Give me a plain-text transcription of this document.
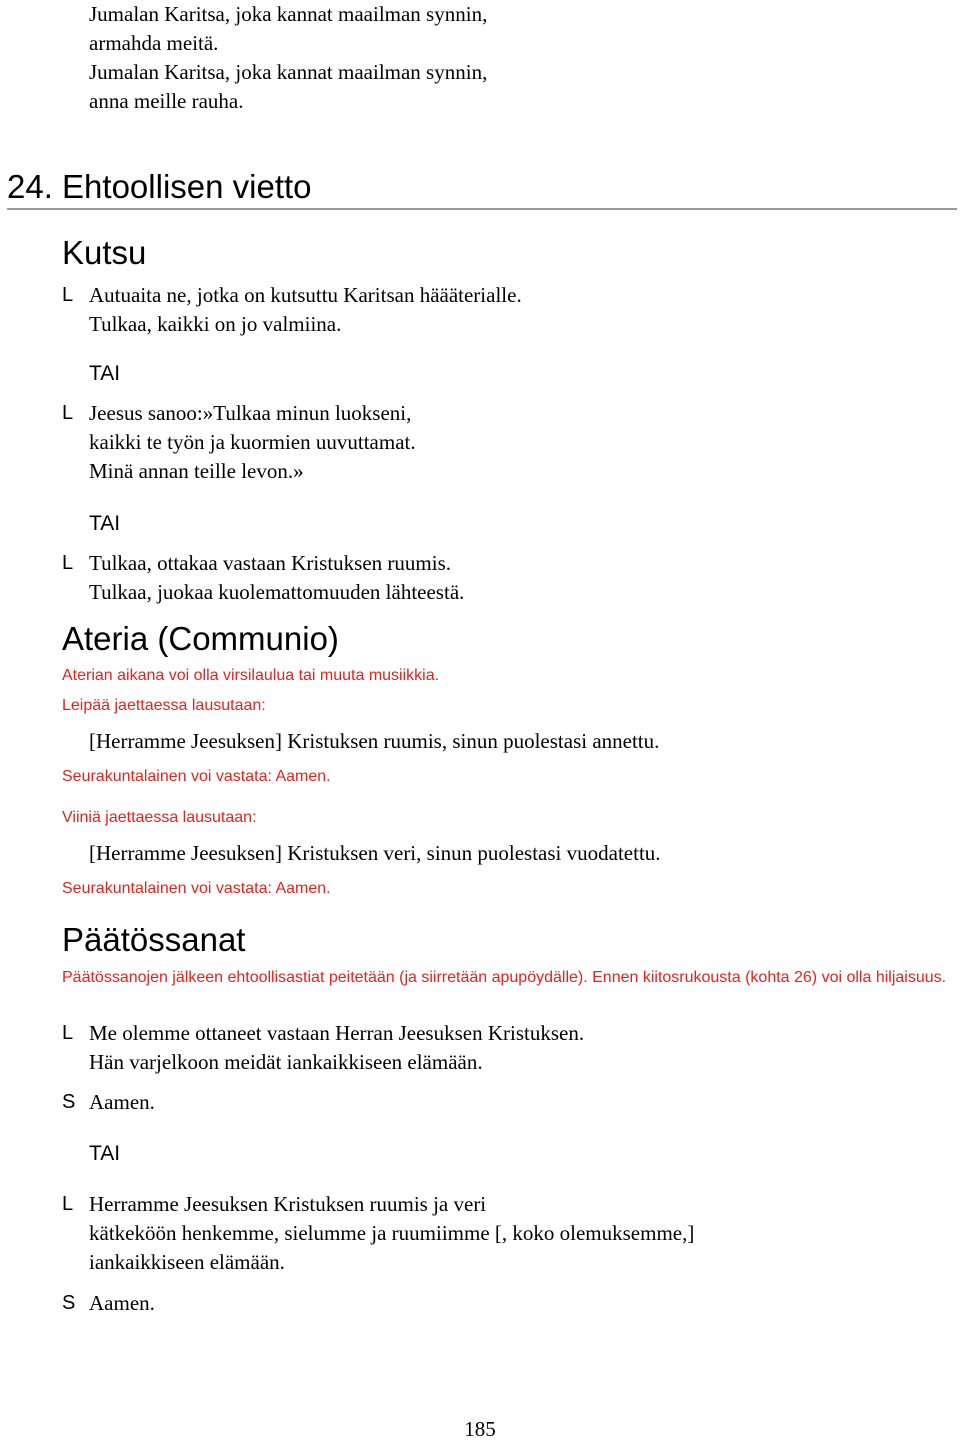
Jumalan Karitsa, joka kannat maailman synnin,
armahda meitä.
Jumalan Karitsa, joka kannat maailman synnin,
anna meille rauha.
24. Ehtoollisen vietto
Kutsu
L Autuaita ne, jotka on kutsuttu Karitsan häääterialle.
Tulkaa, kaikki on jo valmiina.
TAI
L Jeesus sanoo:»Tulkaa minun luokseni,
kaikki te työn ja kuormien uuvuttamat.
Minä annan teille levon.»
TAI
L Tulkaa, ottakaa vastaan Kristuksen ruumis.
Tulkaa, juokaa kuolemattomuuden lähteestä.
Ateria (Communio)
Aterian aikana voi olla virsilaulua tai muuta musiikkia.
Leipää jaettaessa lausutaan:
[Herramme Jeesuksen] Kristuksen ruumis, sinun puolestasi annettu.
Seurakuntalainen voi vastata: Aamen.
Viiniä jaettaessa lausutaan:
[Herramme Jeesuksen] Kristuksen veri, sinun puolestasi vuodatettu.
Seurakuntalainen voi vastata: Aamen.
Päätössanat
Päätössanojen jälkeen ehtoollisastiat peitetään (ja siirretään apupöydälle). Ennen kiitosrukousta (kohta 26) voi olla hiljaisuus.
L Me olemme ottaneet vastaan Herran Jeesuksen Kristuksen.
Hän varjelkoon meidät iankaikkiseen elämään.
S Aamen.
TAI
L Herramme Jeesuksen Kristuksen ruumis ja veri
kätkeköön henkemme, sielumme ja ruumiimme [, koko olemuksemme,]
iankaikkiseen elämään.
S Aamen.
185
